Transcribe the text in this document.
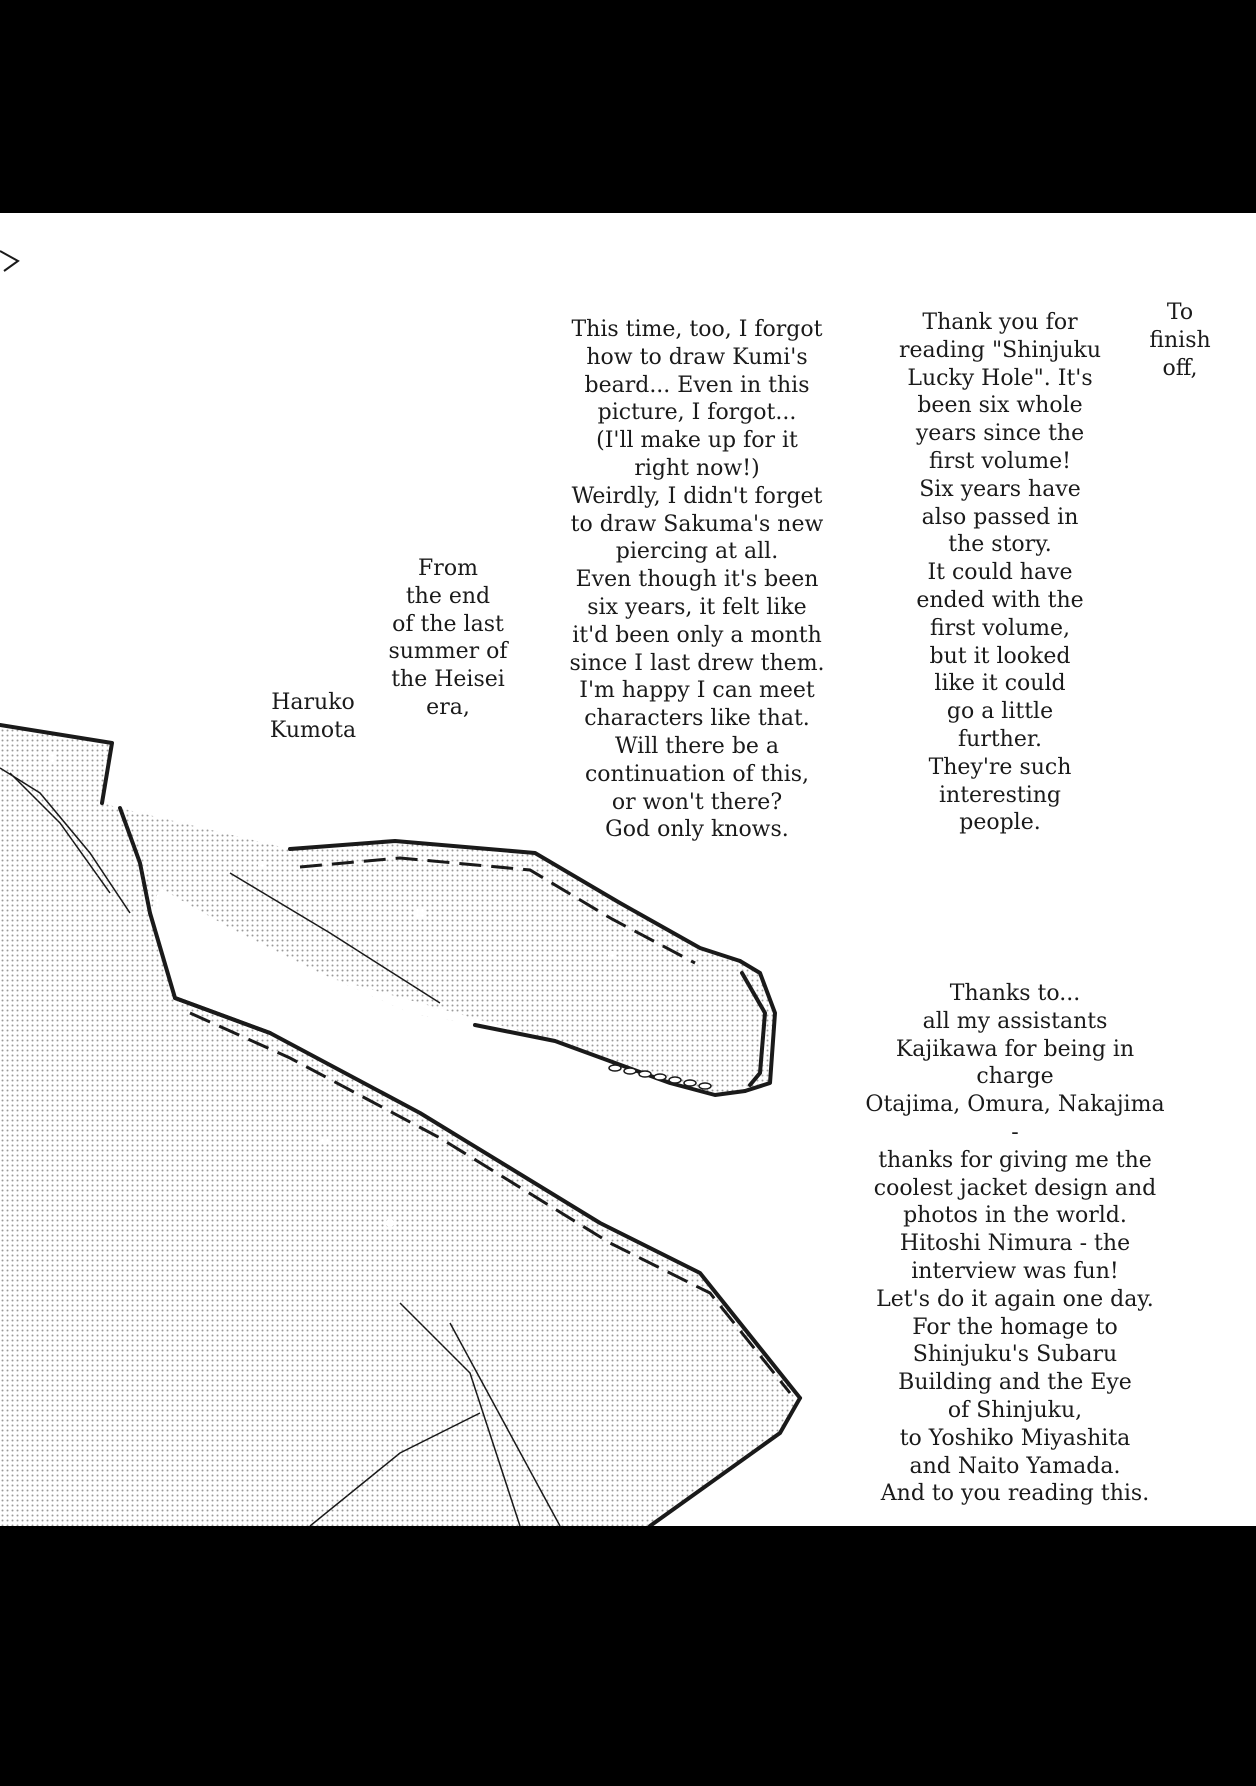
To
finish
off,
Thank you for
reading "Shinjuku
Lucky Hole". It's
been six whole
years since the
first volume!
Six years have
also passed in
the story.
It could have
ended with the
first volume,
but it looked
like it could
go a little
further.
They're such
interesting
people.
This time, too, I forgot
how to draw Kumi's
beard... Even in this
picture, I forgot...
(I'll make up for it
right now!)
Weirdly, I didn't forget
to draw Sakuma's new
piercing at all.
Even though it's been
six years, it felt like
it'd been only a month
since I last drew them.
I'm happy I can meet
characters like that.
Will there be a
continuation of this,
or won't there?
God only knows.
From
the end
of the last
summer of
the Heisei
era,
Haruko
Kumota
Thanks to...
all my assistants
Kajikawa for being in charge
Otajima, Omura, Nakajima -
thanks for giving me the
coolest jacket design and
photos in the world.
Hitoshi Nimura - the
interview was fun!
Let's do it again one day.
For the homage to
Shinjuku's Subaru
Building and the Eye
of Shinjuku,
to Yoshiko Miyashita
and Naito Yamada.
And to you reading this.
